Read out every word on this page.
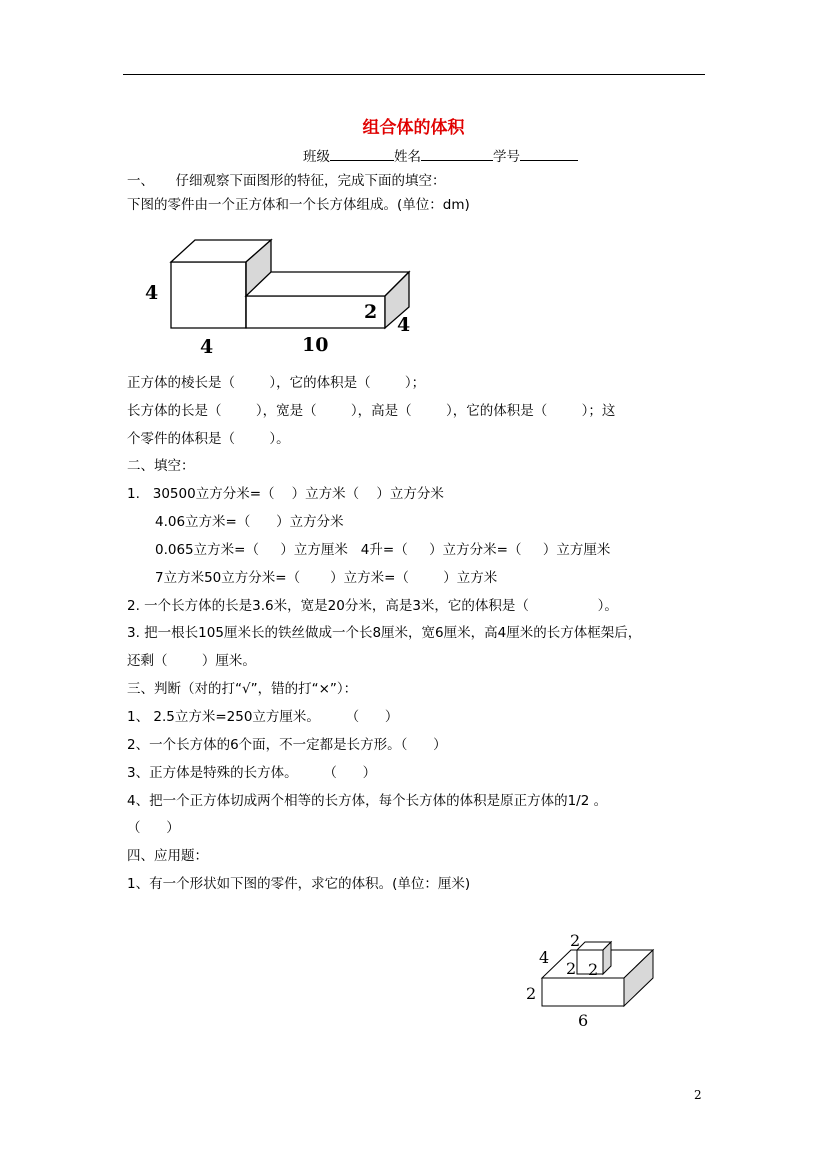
组合体的体积
班级	姓名	学号
一、     仔细观察下面图形的特征，完成下面的填空：
下图的零件由一个正方体和一个长方体组成。(单位：dm)
4
4	10
2
4
正方体的棱长是（        ），它的体积是（        ）；
长方体的长是（        ），宽是（        ），高是（        ），它的体积是（        ）；这
个零件的体积是（        ）。
二、填空：
1.   30500立方分米=（    ）立方米（    ）立方分米
4.06立方米=（      ）立方分米
0.065立方米=（     ）立方厘米   4升=（     ）立方分米=（     ）立方厘米
7立方米50立方分米=（       ）立方米=（        ）立方米
2. 一个长方体的长是3.6米，宽是20分米，高是3米，它的体积是（                ）。
3. 把一根长105厘米长的铁丝做成一个长8厘米，宽6厘米，高4厘米的长方体框架后，
还剩（        ）厘米。
三、判断（对的打“√”，错的打“×”）：
1、 2.5立方米=250立方厘米。      （      ）
2、一个长方体的6个面，不一定都是长方形。（      ）
3、正方体是特殊的长方体。      （      ）
4、把一个正方体切成两个相等的长方体，每个长方体的体积是原正方体的1/2 。
（      ）
四、应用题：
1、有一个形状如下图的零件，求它的体积。(单位：厘米)
2
2 2
4
2
6
2
